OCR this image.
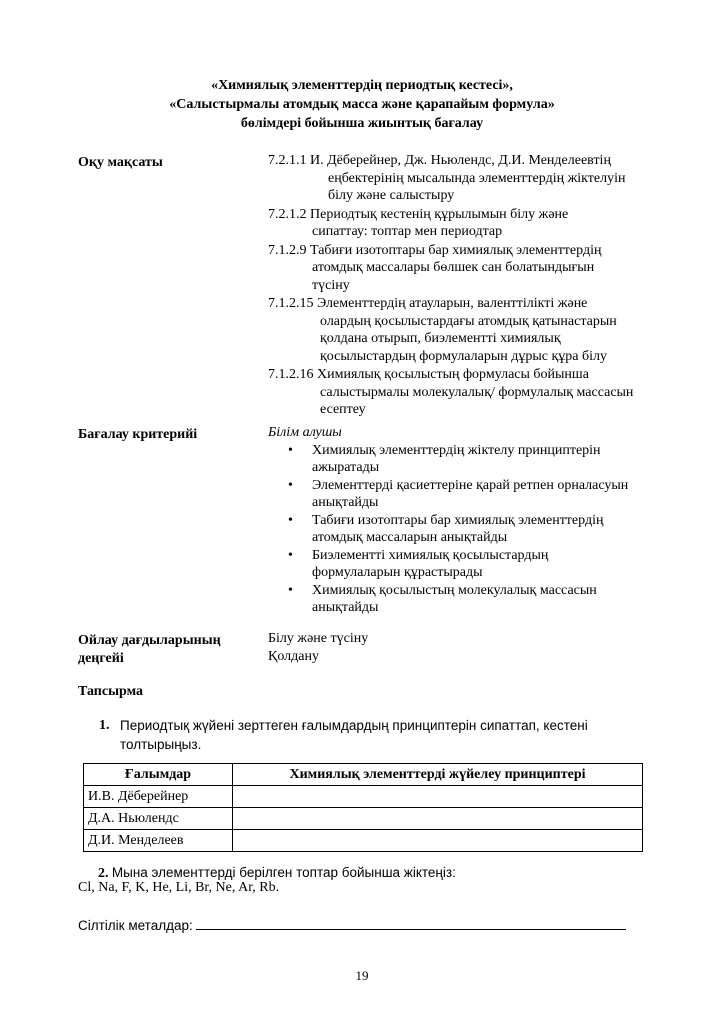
«Химиялық элементтердің периодтық кестесі»,
«Салыстырмалы атомдық масса және қарапайым формула»
бөлімдері бойынша жиынтық бағалау
Оқу мақсаты	7.2.1.1 И. Дёберейнер, Дж. Ньюлендс, Д.И. Менделеевтің
еңбектерінің мысалында элементтердің жіктелуін
білу және салыстыру
7.2.1.2 Периодтық кестенің құрылымын білу және
сипаттау: топтар мен периодтар
7.1.2.9 Табиғи изотоптары бар химиялық элементтердің
атомдық массалары бөлшек сан болатындығын
түсіну
7.1.2.15 Элементтердің атауларын, валенттілікті және
олардың қосылыстардағы атомдық қатынастарын
қолдана отырып, биэлементті химиялық
қосылыстардың формулаларын дұрыс құра білу
7.1.2.16 Химиялық қосылыстың формуласы бойынша
салыстырмалы молекулалық/ формулалық массасын
есептеу
Бағалау критерийі	Білім алушы
• Химиялық элементтердің жіктелу принциптерін
ажыратады
• Элементтерді қасиеттеріне қарай ретпен орналасуын
анықтайды
• Табиғи изотоптары бар химиялық элементтердің
атомдық массаларын анықтайды
• Биэлементті химиялық қосылыстардың
формулаларын құрастырады
• Химиялық қосылыстың молекулалық массасын
анықтайды
Ойлау дағдыларының
деңгейі
Білу және түсіну
Қолдану
Тапсырма
1. Периодтық жүйені зерттеген ғалымдардың принциптерін сипаттап, кестені толтырыңыз.
Ғалымдар	Химиялық элементтерді жүйелеу принциптері
И.В. Дёберейнер	
Д.А. Ньюлендс	
Д.И. Менделеев	
2. Мына элементтерді берілген топтар бойынша жіктеңіз:
Cl, Na, F, K, He, Li, Br, Ne, Ar, Rb.
Сілтілік металдар:
19
